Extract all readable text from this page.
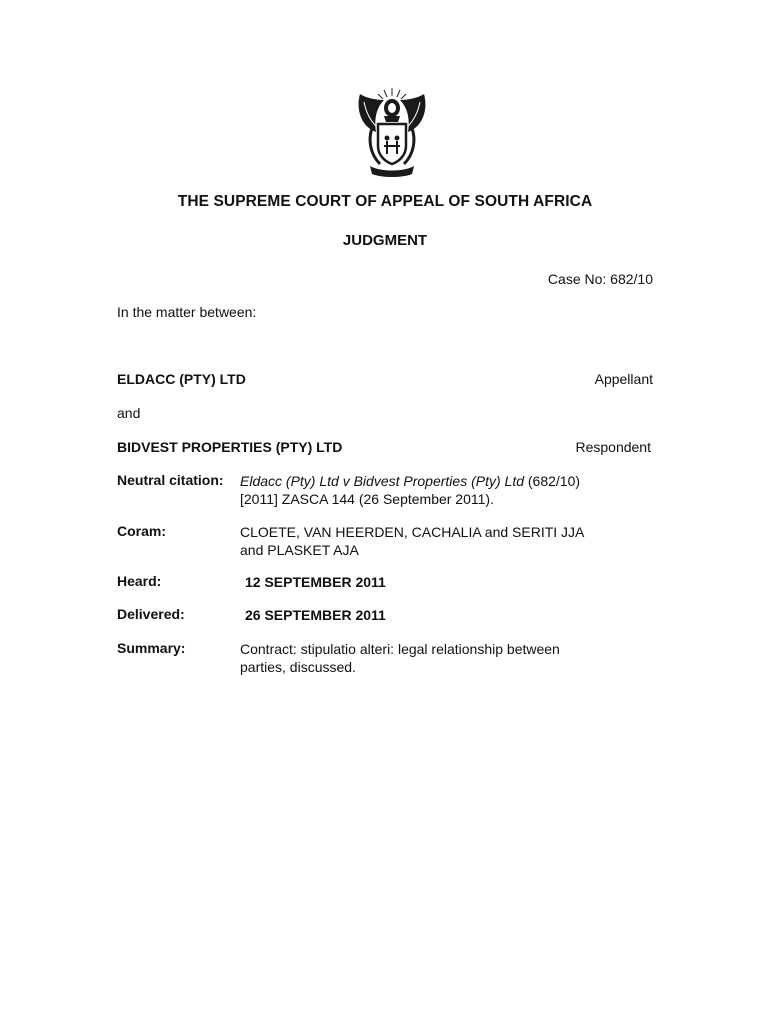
THE SUPREME COURT OF APPEAL OF SOUTH AFRICA
JUDGMENT
Case No: 682/10
In the matter between:
ELDACC (PTY) LTD	Appellant
and
BIDVEST PROPERTIES (PTY) LTD	Respondent
Neutral citation: Eldacc (Pty) Ltd v Bidvest Properties (Pty) Ltd (682/10)
[2011] ZASCA 144 (26 September 2011).
Coram:	CLOETE, VAN HEERDEN, CACHALIA and SERITI JJA
and PLASKET AJA
Heard:	12 SEPTEMBER 2011
Delivered:	26 SEPTEMBER 2011
Summary:	Contract: stipulatio alteri: legal relationship between
parties, discussed.
